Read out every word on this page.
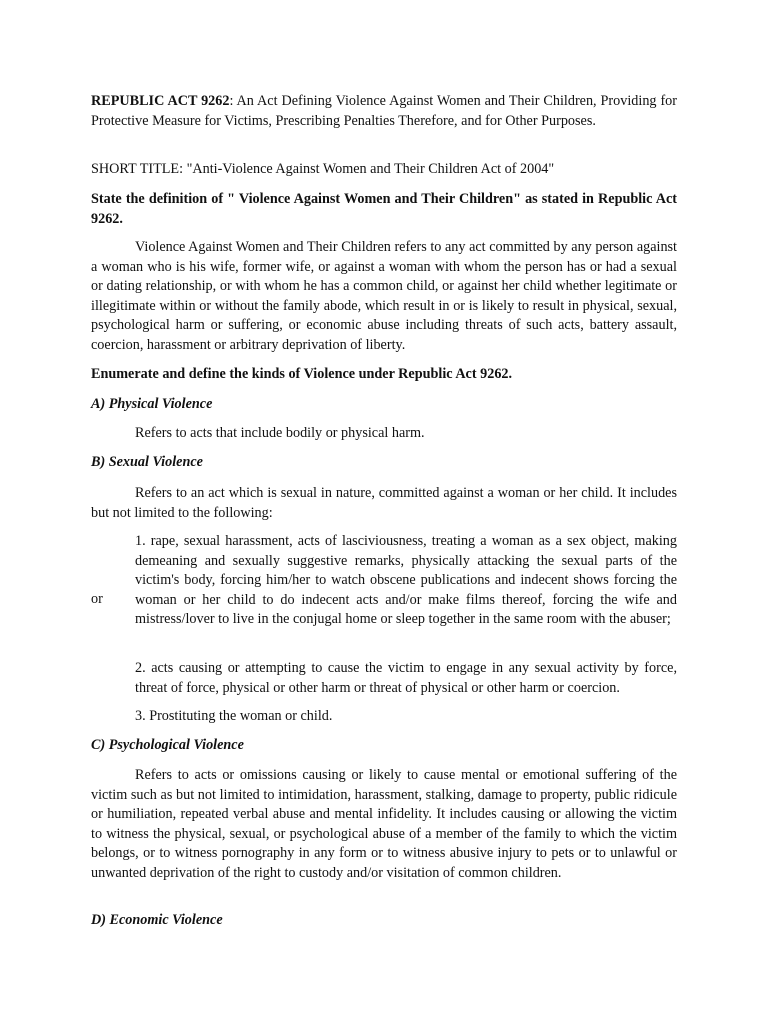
REPUBLIC ACT 9262: An Act Defining Violence Against Women and Their Children, Providing for Protective Measure for Victims, Prescribing Penalties Therefore, and for Other Purposes.

SHORT TITLE: "Anti-Violence Against Women and Their Children Act of 2004"

State the definition of " Violence Against Women and Their Children" as stated in Republic Act 9262.

Violence Against Women and Their Children refers to any act committed by any person against a woman who is his wife, former wife, or against a woman with whom the person has or had a sexual or dating relationship, or with whom he has a common child, or against her child whether legitimate or illegitimate within or without the family abode, which result in or is likely to result in physical, sexual, psychological harm or suffering, or economic abuse including threats of such acts, battery assault, coercion, harassment or arbitrary deprivation of liberty.

Enumerate and define the kinds of Violence under Republic Act 9262.

A) Physical Violence

Refers to acts that include bodily or physical harm.

B) Sexual Violence

Refers to an act which is sexual in nature, committed against a woman or her child. It includes but not limited to the following:

1. rape, sexual harassment, acts of lasciviousness, treating a woman as a sex object, making demeaning and sexually suggestive remarks, physically attacking the sexual parts of the victim's body, forcing him/her to watch obscene publications and indecent shows forcing the woman or her child to do indecent acts and/or make films thereof, forcing the wife and mistress/lover to live in the conjugal home or sleep together in the same room with the abuser;

or

2. acts causing or attempting to cause the victim to engage in any sexual activity by force, threat of force, physical or other harm or threat of physical or other harm or coercion.

3. Prostituting the woman or child.

C) Psychological Violence

Refers to acts or omissions causing or likely to cause mental or emotional suffering of the victim such as but not limited to intimidation, harassment, stalking, damage to property, public ridicule or humiliation, repeated verbal abuse and mental infidelity. It includes causing or allowing the victim to witness the physical, sexual, or psychological abuse of a member of the family to which the victim belongs, or to witness pornography in any form or to witness abusive injury to pets or to unlawful or unwanted deprivation of the right to custody and/or visitation of common children.

D) Economic Violence
